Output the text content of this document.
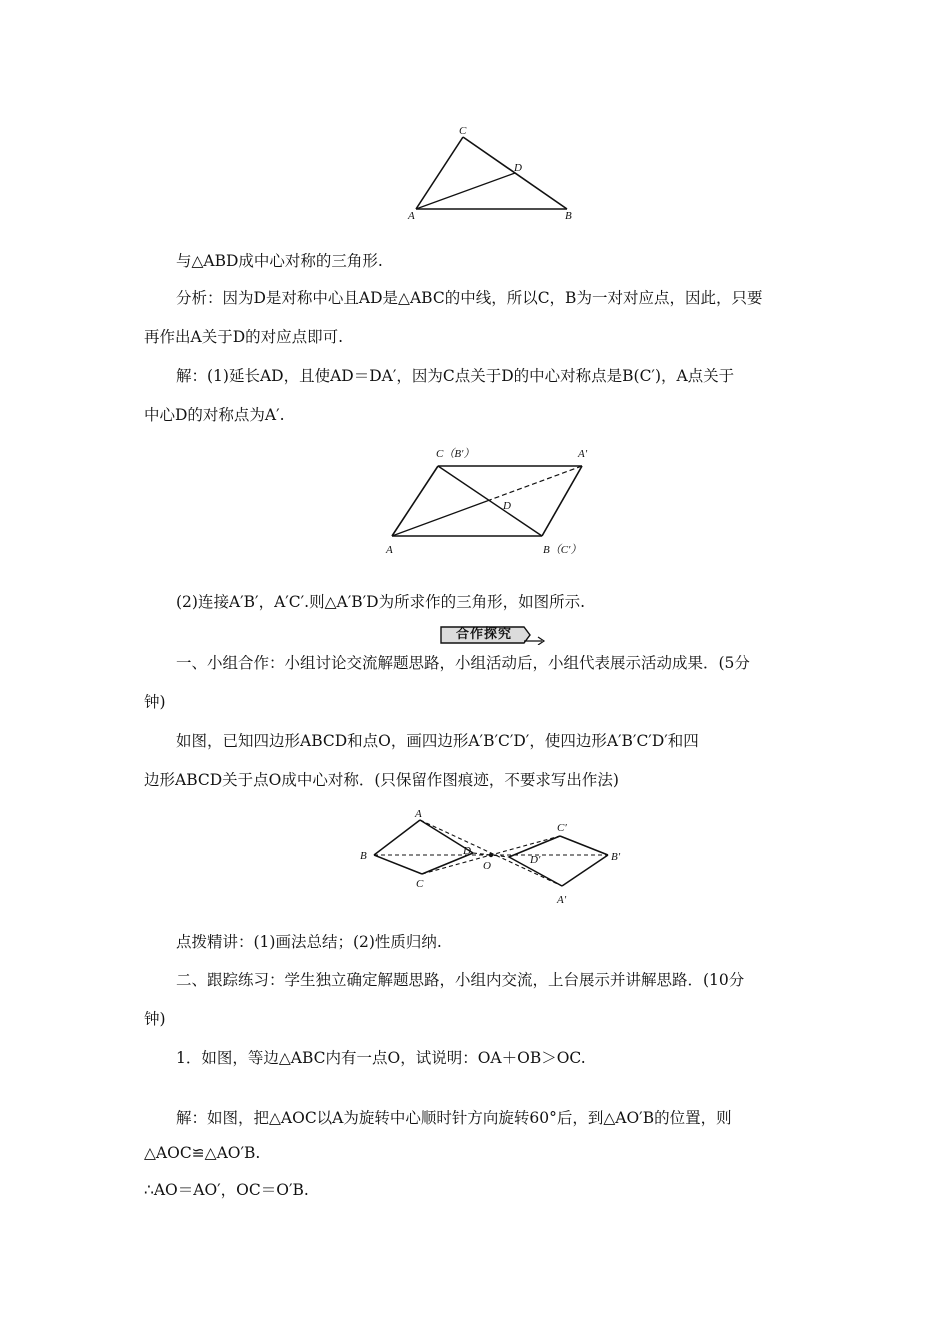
C
D
A	B
与△ABD成中心对称的三角形.
分析：因为D是对称中心且AD是△ABC的中线，所以C，B为一对对应点，因此，只要
再作出A关于D的对应点即可.
解：(1)延长AD，且使AD＝DA′，因为C点关于D的中心对称点是B(C′)，A点关于
中心D的对称点为A′.
C（B′）	A′
D
A	B（C′）
(2)连接A′B′，A′C′.则△A′B′D为所求作的三角形，如图所示.
合作探究
一、小组合作：小组讨论交流解题思路，小组活动后，小组代表展示活动成果．(5分
钟)
如图，已知四边形ABCD和点O，画四边形A′B′C′D′，使四边形A′B′C′D′和四
边形ABCD关于点O成中心对称．(只保留作图痕迹，不要求写出作法)
A
B
C
D
O
C′
D′	B′
A′
点拨精讲：(1)画法总结；(2)性质归纳.
二、跟踪练习：学生独立确定解题思路，小组内交流，上台展示并讲解思路．(10分
钟)
1．如图，等边△ABC内有一点O，试说明：OA＋OB＞OC.
解：如图，把△AOC以A为旋转中心顺时针方向旋转60°后，到△AO′B的位置，则
△AOC≌△AO′B.
∴AO＝AO′，OC＝O′B.
